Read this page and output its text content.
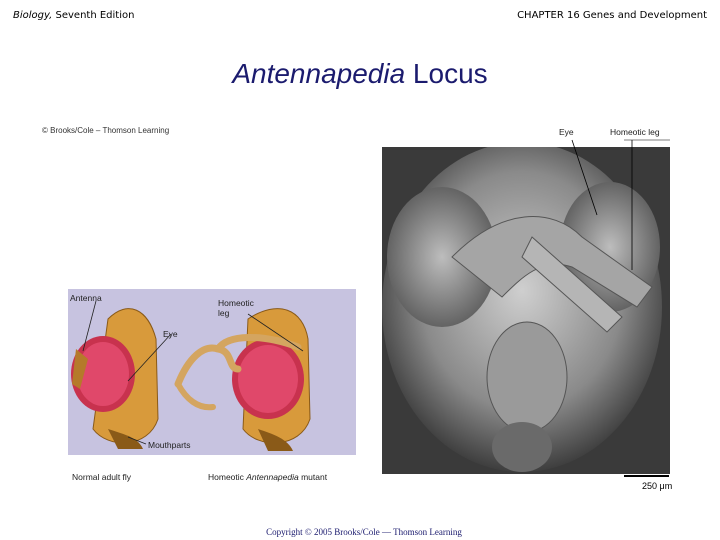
Biology, Seventh Edition	CHAPTER 16 Genes and Development
Antennapedia Locus
© Brooks/Cole – Thomson Learning
Antenna	Homeotic leg
Eye
Mouthparts
Normal adult fly	Homeotic Antennapedia mutant
Eye	Homeotic leg
250 μm
Copyright © 2005 Brooks/Cole — Thomson Learning
